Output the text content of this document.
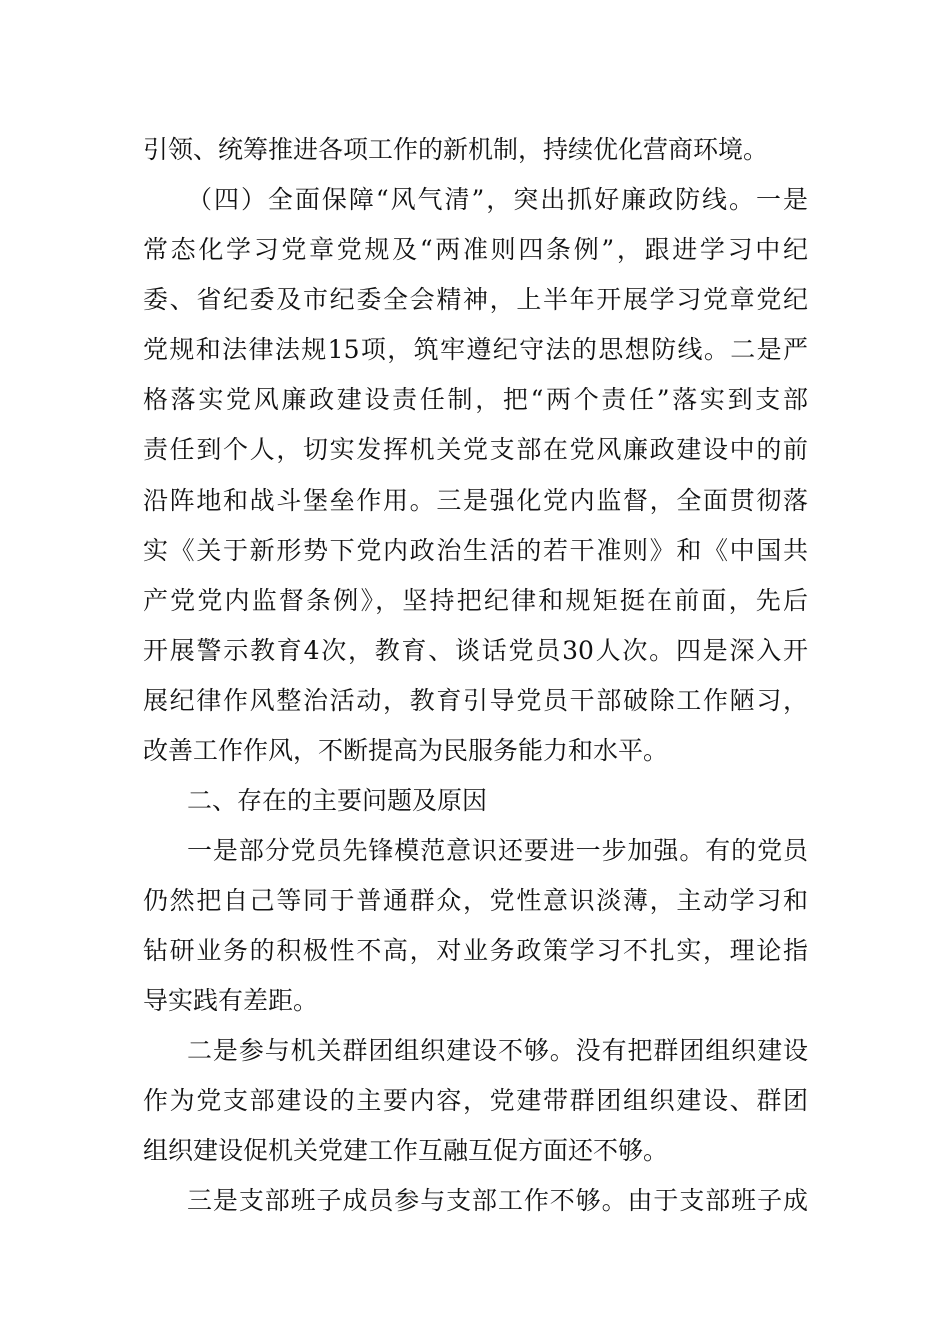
引领、统筹推进各项工作的新机制，持续优化营商环境。
（四）全面保障“风气清”，突出抓好廉政防线。一是
常态化学习党章党规及“两准则四条例”，跟进学习中纪
委、省纪委及市纪委全会精神，上半年开展学习党章党纪
党规和法律法规15项，筑牢遵纪守法的思想防线。二是严
格落实党风廉政建设责任制，把“两个责任”落实到支部
责任到个人，切实发挥机关党支部在党风廉政建设中的前
沿阵地和战斗堡垒作用。三是强化党内监督，全面贯彻落
实《关于新形势下党内政治生活的若干准则》和《中国共
产党党内监督条例》，坚持把纪律和规矩挺在前面，先后
开展警示教育4次，教育、谈话党员30人次。四是深入开
展纪律作风整治活动，教育引导党员干部破除工作陋习，
改善工作作风，不断提高为民服务能力和水平。
二、存在的主要问题及原因
一是部分党员先锋模范意识还要进一步加强。有的党员
仍然把自己等同于普通群众，党性意识淡薄，主动学习和
钻研业务的积极性不高，对业务政策学习不扎实，理论指
导实践有差距。
二是参与机关群团组织建设不够。没有把群团组织建设
作为党支部建设的主要内容，党建带群团组织建设、群团
组织建设促机关党建工作互融互促方面还不够。
三是支部班子成员参与支部工作不够。由于支部班子成
